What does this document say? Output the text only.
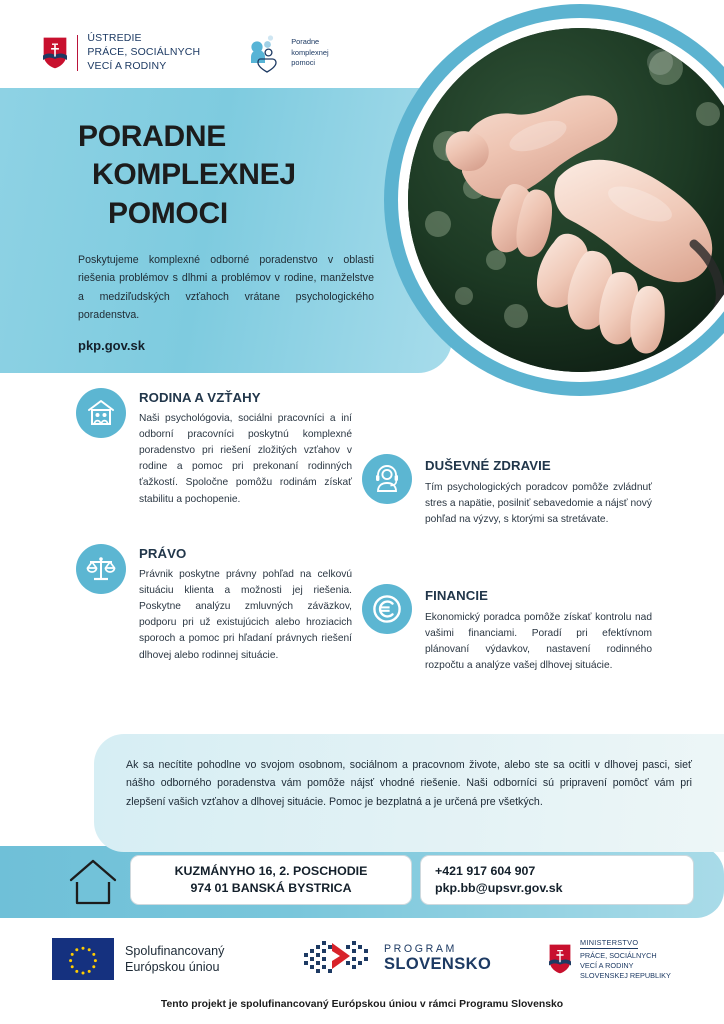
ÚSTREDIE
PRÁCE, SOCIÁLNYCH
VECÍ A RODINY
Poradne
komplexnej
pomoci
PORADNE
KOMPLEXNEJ
POMOCI

Poskytujeme komplexné odborné poradenstvo v oblasti riešenia problémov s dlhmi a problémov v rodine, manželstve a medziľudských vzťahoch vrátane psychologického poradenstva.

pkp.gov.sk
RODINA A VZŤAHY
Naši psychológovia, sociálni pracovníci a iní odborní pracovníci poskytnú komplexné poradenstvo pri riešení zložitých vzťahov v rodine a pomoc pri prekonaní rodinných ťažkostí. Spoločne pomôžu rodinám získať stabilitu a pochopenie.
PRÁVO
Právnik poskytne právny pohľad na celkovú situáciu klienta a možnosti jej riešenia. Poskytne analýzu zmluvných záväzkov, podporu pri už existujúcich alebo hroziacich sporoch a pomoc pri hľadaní právnych riešení dlhovej alebo rodinnej situácie.
DUŠEVNÉ ZDRAVIE
Tím psychologických poradcov pomôže zvládnuť stres a napätie, posilniť sebavedomie a nájsť nový pohľad na výzvy, s ktorými sa stretávate.
FINANCIE
Ekonomický poradca pomôže získať kontrolu nad vašimi financiami. Poradí pri efektívnom plánovaní výdavkov, nastavení rodinného rozpočtu a analýze vašej dlhovej situácie.

Ak sa necítite pohodlne vo svojom osobnom, sociálnom a pracovnom živote, alebo ste sa ocitli v dlhovej pasci, sieť nášho odborného poradenstva vám pomôže nájsť vhodné riešenie. Naši odborníci sú pripravení pomôcť vám pri zlepšení vašich vzťahov a dlhovej situácie. Pomoc je bezplatná a je určená pre všetkých.

KUZMÁNYHO 16, 2. POSCHODIE
974 01 BANSKÁ BYSTRICA
+421 917 604 907
pkp.bb@upsvr.gov.sk
Spolufinancovaný
Európskou úniou
PROGRAM
SLOVENSKO
MINISTERSTVO
PRÁCE, SOCIÁLNYCH
VECÍ A RODINY
SLOVENSKEJ REPUBLIKY
Tento projekt je spolufinancovaný Európskou úniou v rámci Programu Slovensko
